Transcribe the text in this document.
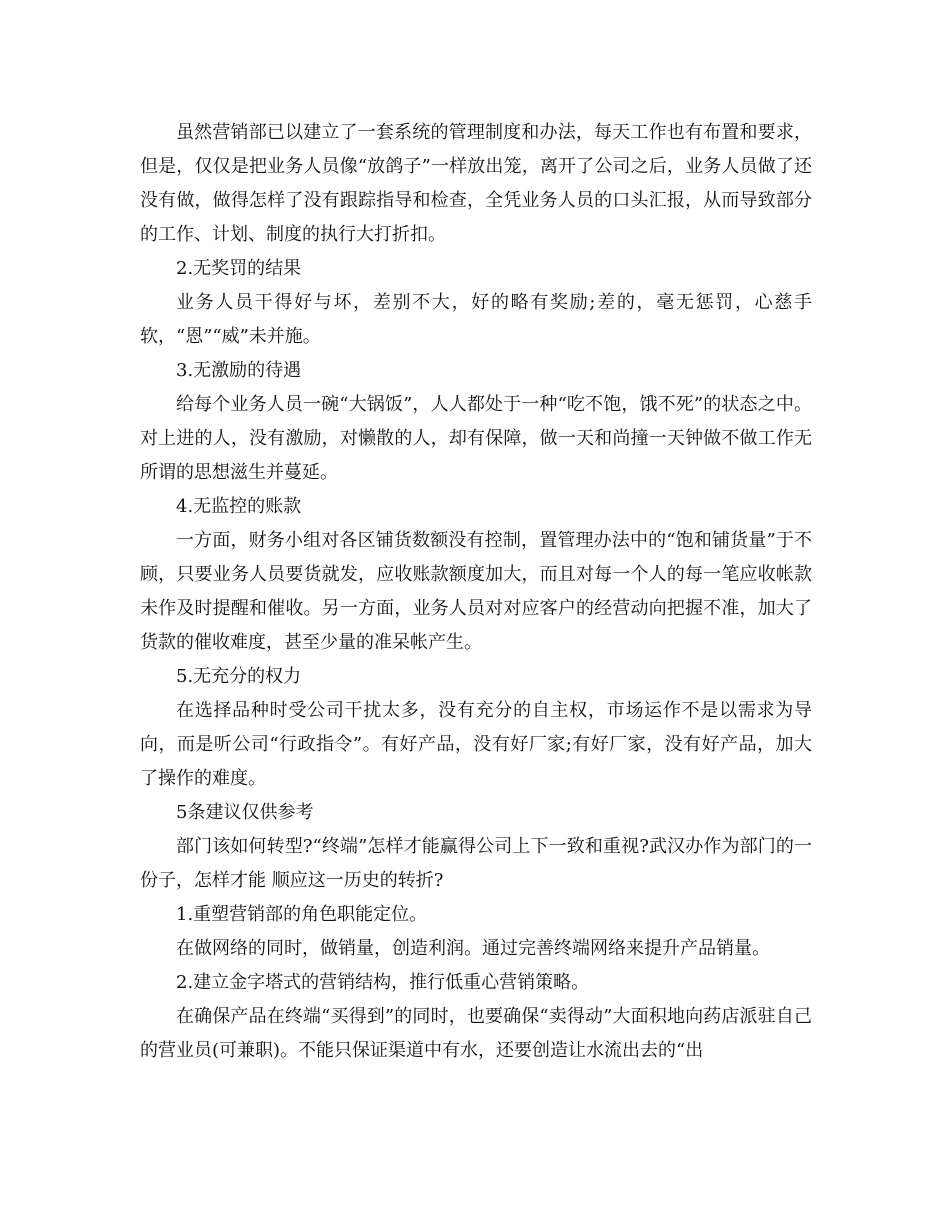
虽然营销部已以建立了一套系统的管理制度和办法，每天工作也有布置和要求，但是，仅仅是把业务人员像“放鸽子”一样放出笼，离开了公司之后，业务人员做了还没有做，做得怎样了没有跟踪指导和检查，全凭业务人员的口头汇报，从而导致部分的工作、计划、制度的执行大打折扣。

2.无奖罚的结果

业务人员干得好与坏，差别不大，好的略有奖励;差的，毫无惩罚，心慈手软，“恩”“威”未并施。

3.无激励的待遇

给每个业务人员一碗“大锅饭”，人人都处于一种“吃不饱，饿不死”的状态之中。对上进的人，没有激励，对懒散的人，却有保障，做一天和尚撞一天钟做不做工作无所谓的思想滋生并蔓延。

4.无监控的账款

一方面，财务小组对各区铺货数额没有控制，置管理办法中的“饱和铺货量”于不顾，只要业务人员要货就发，应收账款额度加大，而且对每一个人的每一笔应收帐款未作及时提醒和催收。另一方面，业务人员对对应客户的经营动向把握不准，加大了货款的催收难度，甚至少量的准呆帐产生。

5.无充分的权力

在选择品种时受公司干扰太多，没有充分的自主权，市场运作不是以需求为导向，而是听公司“行政指令”。有好产品，没有好厂家;有好厂家，没有好产品，加大了操作的难度。

5条建议仅供参考

部门该如何转型?“终端”怎样才能赢得公司上下一致和重视?武汉办作为部门的一份子，怎样才能 顺应这一历史的转折?

1.重塑营销部的角色职能定位。

在做网络的同时，做销量，创造利润。通过完善终端网络来提升产品销量。

2.建立金字塔式的营销结构，推行低重心营销策略。

在确保产品在终端“买得到”的同时，也要确保“卖得动”大面积地向药店派驻自己的营业员(可兼职)。不能只保证渠道中有水，还要创造让水流出去的“出
